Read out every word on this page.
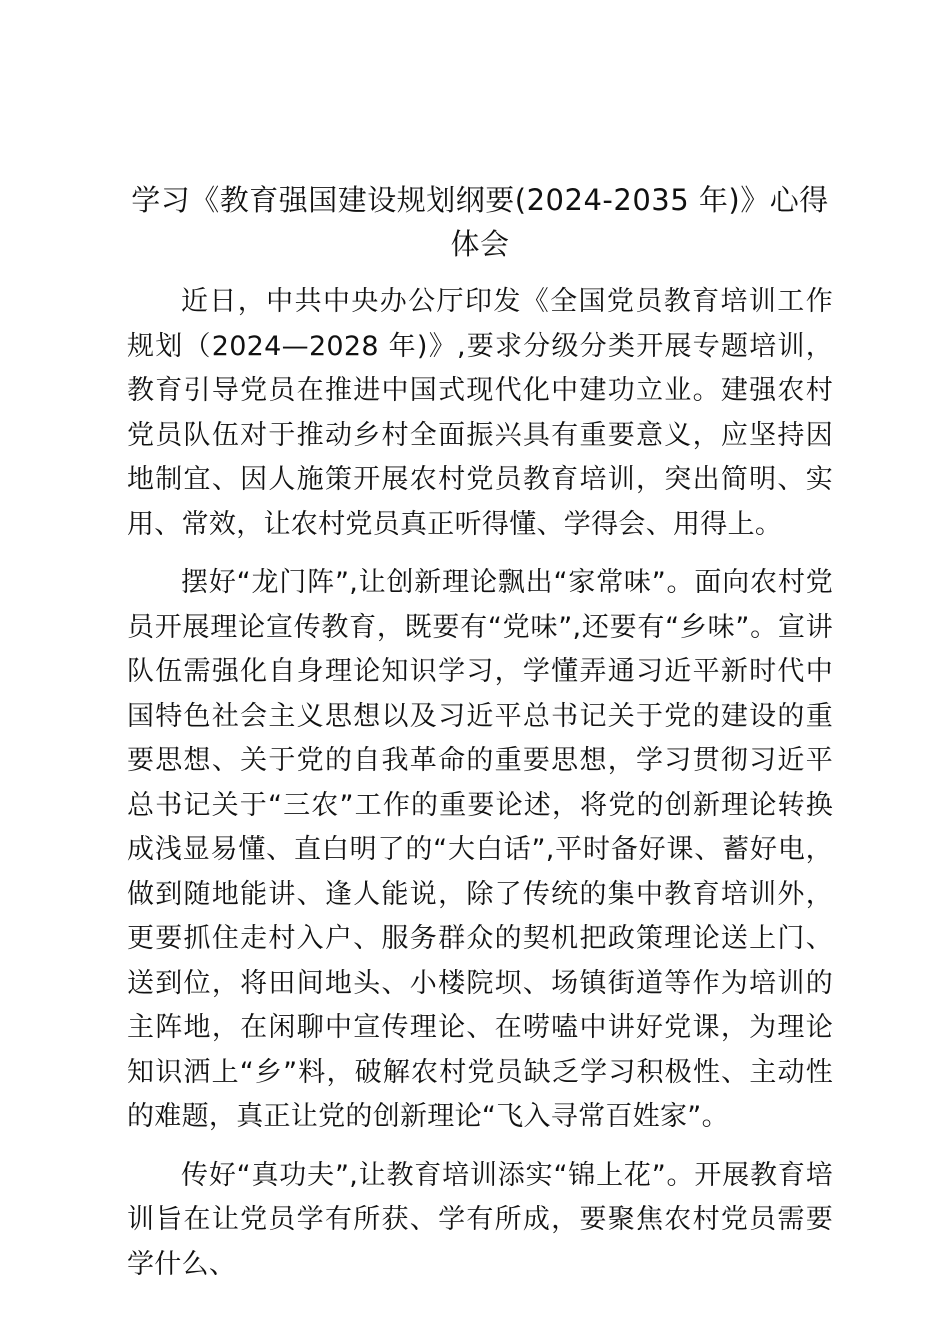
学习《教育强国建设规划纲要(2024-2035 年)》心得体会

近日，中共中央办公厅印发《全国党员教育培训工作规划（2024—2028 年)》,要求分级分类开展专题培训，教育引导党员在推进中国式现代化中建功立业。建强农村党员队伍对于推动乡村全面振兴具有重要意义，应坚持因地制宜、因人施策开展农村党员教育培训，突出简明、实用、常效，让农村党员真正听得懂、学得会、用得上。

摆好“龙门阵”,让创新理论飘出“家常味”。面向农村党员开展理论宣传教育，既要有“党味”,还要有“乡味”。宣讲队伍需强化自身理论知识学习，学懂弄通习近平新时代中国特色社会主义思想以及习近平总书记关于党的建设的重要思想、关于党的自我革命的重要思想，学习贯彻习近平总书记关于“三农”工作的重要论述，将党的创新理论转换成浅显易懂、直白明了的“大白话”,平时备好课、蓄好电，做到随地能讲、逢人能说，除了传统的集中教育培训外，更要抓住走村入户、服务群众的契机把政策理论送上门、送到位，将田间地头、小楼院坝、场镇街道等作为培训的主阵地，在闲聊中宣传理论、在唠嗑中讲好党课，为理论知识洒上“乡”料，破解农村党员缺乏学习积极性、主动性的难题，真正让党的创新理论“飞入寻常百姓家”。

传好“真功夫”,让教育培训添实“锦上花”。开展教育培训旨在让党员学有所获、学有所成，要聚焦农村党员需要学什么、
